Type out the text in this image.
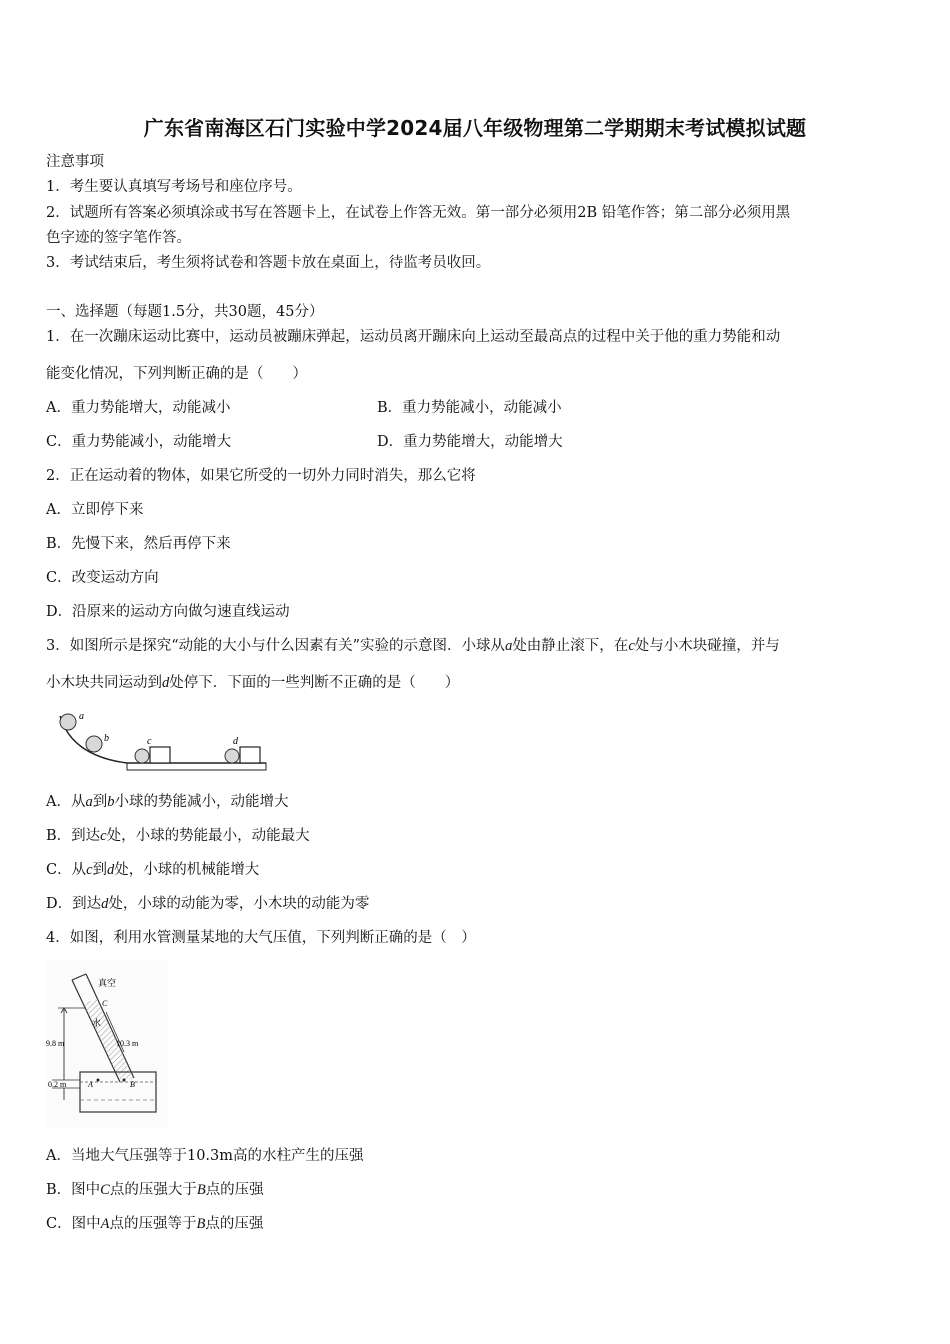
广东省南海区石门实验中学2024届八年级物理第二学期期末考试模拟试题
注意事项
1．考生要认真填写考场号和座位序号。
2．试题所有答案必须填涂或书写在答题卡上，在试卷上作答无效。第一部分必须用2B 铅笔作答；第二部分必须用黑
色字迹的签字笔作答。
3．考试结束后，考生须将试卷和答题卡放在桌面上，待监考员收回。
一、选择题（每题1.5分，共30题，45分）
1．在一次蹦床运动比赛中，运动员被蹦床弹起，运动员离开蹦床向上运动至最高点的过程中关于他的重力势能和动
能变化情况，下列判断正确的是（　　）
A．重力势能增大，动能减小	B．重力势能减小，动能减小
C．重力势能减小，动能增大	D．重力势能增大，动能增大
2．正在运动着的物体，如果它所受的一切外力同时消失，那么它将
A．立即停下来
B．先慢下来，然后再停下来
C．改变运动方向
D．沿原来的运动方向做匀速直线运动
3．如图所示是探究“动能的大小与什么因素有关”实验的示意图．小球从a处由静止滚下，在c处与小木块碰撞，并与
小木块共同运动到d处停下．下面的一些判断不正确的是（　　）
a
b	c	d
A．从a到b小球的势能减小，动能增大
B．到达c处，小球的势能最小，动能最大
C．从c到d处，小球的机械能增大
D．到达d处，小球的动能为零，小木块的动能为零
4．如图，利用水管测量某地的大气压值，下列判断正确的是（　）
真空
水
9.8 m	10.3 m
0.2 m
C
A	B
A．当地大气压强等于10.3m高的水柱产生的压强
B．图中C点的压强大于B点的压强
C．图中A点的压强等于B点的压强
